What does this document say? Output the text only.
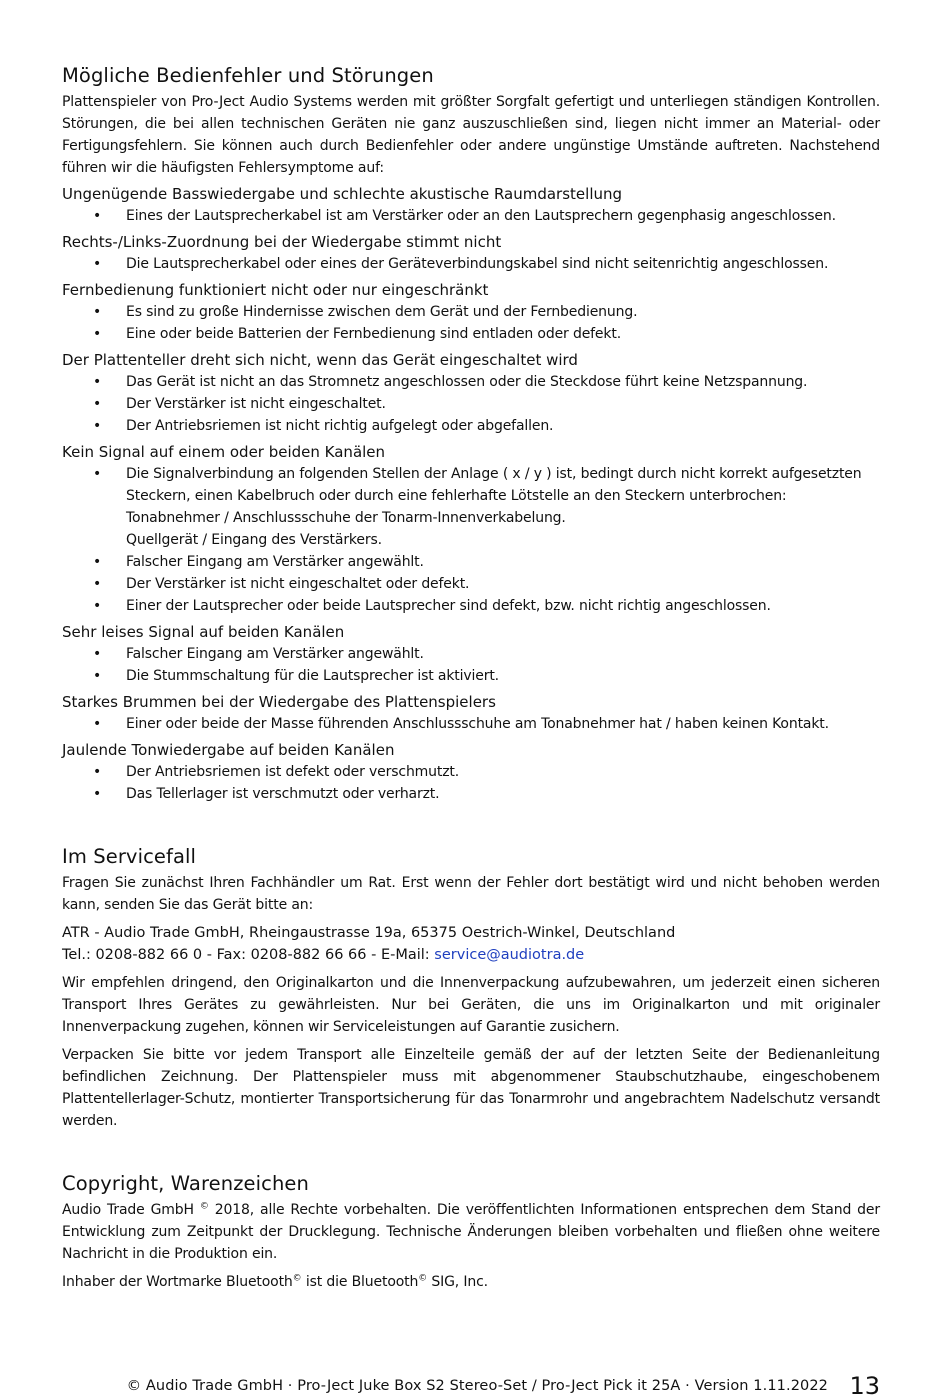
Mögliche Bedienfehler und Störungen

Plattenspieler von Pro-Ject Audio Systems werden mit größter Sorgfalt gefertigt und unterliegen ständigen Kontrollen. Störungen, die bei allen technischen Geräten nie ganz auszuschließen sind, liegen nicht immer an Material- oder Fertigungsfehlern. Sie können auch durch Bedienfehler oder andere ungünstige Umstände auftreten. Nachstehend führen wir die häufigsten Fehlersymptome auf:

Ungenügende Basswiedergabe und schlechte akustische Raumdarstellung
• Eines der Lautsprecherkabel ist am Verstärker oder an den Lautsprechern gegenphasig angeschlossen.
Rechts-/Links-Zuordnung bei der Wiedergabe stimmt nicht
• Die Lautsprecherkabel oder eines der Geräteverbindungskabel sind nicht seitenrichtig angeschlossen.
Fernbedienung funktioniert nicht oder nur eingeschränkt
• Es sind zu große Hindernisse zwischen dem Gerät und der Fernbedienung.
• Eine oder beide Batterien der Fernbedienung sind entladen oder defekt.
Der Plattenteller dreht sich nicht, wenn das Gerät eingeschaltet wird
• Das Gerät ist nicht an das Stromnetz angeschlossen oder die Steckdose führt keine Netzspannung.
• Der Verstärker ist nicht eingeschaltet.
• Der Antriebsriemen ist nicht richtig aufgelegt oder abgefallen.
Kein Signal auf einem oder beiden Kanälen
• Die Signalverbindung an folgenden Stellen der Anlage ( x / y ) ist, bedingt durch nicht korrekt aufgesetzten Steckern, einen Kabelbruch oder durch eine fehlerhafte Lötstelle an den Steckern unterbrochen:
Tonabnehmer / Anschlussschuhe der Tonarm-Innenverkabelung.
Quellgerät / Eingang des Verstärkers.
• Falscher Eingang am Verstärker angewählt.
• Der Verstärker ist nicht eingeschaltet oder defekt.
• Einer der Lautsprecher oder beide Lautsprecher sind defekt, bzw. nicht richtig angeschlossen.
Sehr leises Signal auf beiden Kanälen
• Falscher Eingang am Verstärker angewählt.
• Die Stummschaltung für die Lautsprecher ist aktiviert.
Starkes Brummen bei der Wiedergabe des Plattenspielers
• Einer oder beide der Masse führenden Anschlussschuhe am Tonabnehmer hat / haben keinen Kontakt.
Jaulende Tonwiedergabe auf beiden Kanälen
• Der Antriebsriemen ist defekt oder verschmutzt.
• Das Tellerlager ist verschmutzt oder verharzt.
Im Servicefall

Fragen Sie zunächst Ihren Fachhändler um Rat. Erst wenn der Fehler dort bestätigt wird und nicht behoben werden kann, senden Sie das Gerät bitte an:

ATR - Audio Trade GmbH, Rheingaustrasse 19a, 65375 Oestrich-Winkel, Deutschland

Tel.: 0208-882 66 0 - Fax: 0208-882 66 66 - E-Mail: service@audiotra.de

Wir empfehlen dringend, den Originalkarton und die Innenverpackung aufzubewahren, um jederzeit einen sicheren Transport Ihres Gerätes zu gewährleisten. Nur bei Geräten, die uns im Originalkarton und mit originaler Innenverpackung zugehen, können wir Serviceleistungen auf Garantie zusichern.

Verpacken Sie bitte vor jedem Transport alle Einzelteile gemäß der auf der letzten Seite der Bedienanleitung befindlichen Zeichnung. Der Plattenspieler muss mit abgenommener Staubschutzhaube, eingeschobenem Plattentellerlager-Schutz, montierter Transportsicherung für das Tonarmrohr und angebrachtem Nadelschutz versandt werden.

Copyright, Warenzeichen

Audio Trade GmbH © 2018, alle Rechte vorbehalten. Die veröffentlichten Informationen entsprechen dem Stand der Entwicklung zum Zeitpunkt der Drucklegung. Technische Änderungen bleiben vorbehalten und fließen ohne weitere Nachricht in die Produktion ein.

Inhaber der Wortmarke Bluetooth© ist die Bluetooth© SIG, Inc.

© Audio Trade GmbH · Pro-Ject Juke Box S2 Stereo-Set / Pro-Ject Pick it 25A · Version 1.11.2022 13
